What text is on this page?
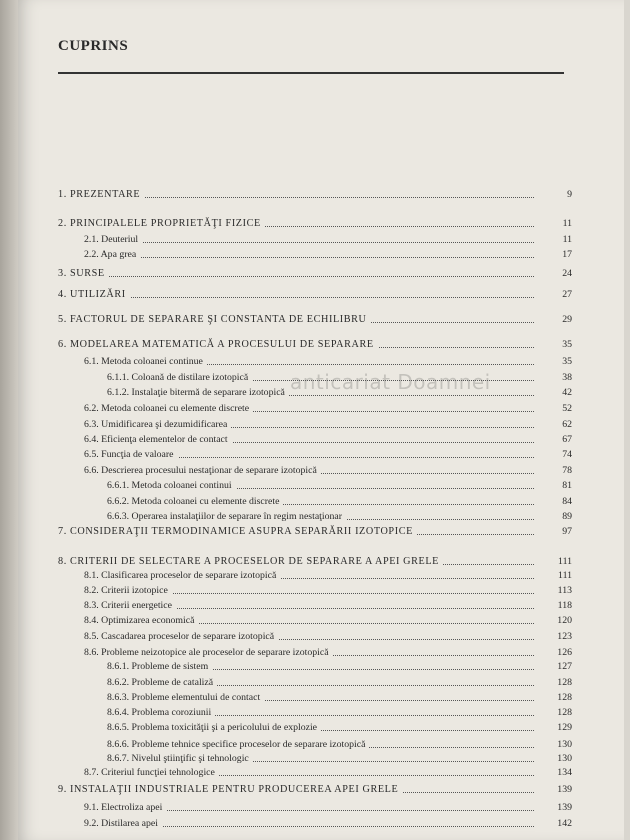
CUPRINS
anticariat Doamnei
1. PREZENTARE	9
2. PRINCIPALELE PROPRIETĂŢI FIZICE	11
2.1. Deuteriul	11
2.2. Apa grea	17
3. SURSE	24
4. UTILIZĂRI	27
5. FACTORUL DE SEPARARE ŞI CONSTANTA DE ECHILIBRU	29
6. MODELAREA MATEMATICĂ A PROCESULUI DE SEPARARE	35
6.1. Metoda coloanei continue	35
6.1.1. Coloană de distilare izotopică	38
6.1.2. Instalaţie bitermă de separare izotopică	42
6.2. Metoda coloanei cu elemente discrete	52
6.3. Umidificarea şi dezumidificarea	62
6.4. Eficienţa elementelor de contact	67
6.5. Funcţia de valoare	74
6.6. Descrierea procesului nestaţionar de separare izotopică	78
6.6.1. Metoda coloanei continui	81
6.6.2. Metoda coloanei cu elemente discrete	84
6.6.3. Operarea instalaţiilor de separare în regim nestaţionar	89
7. CONSIDERAŢII TERMODINAMICE ASUPRA SEPARĂRII IZOTOPICE	97
8. CRITERII DE SELECTARE A PROCESELOR DE SEPARARE A APEI GRELE	111
8.1. Clasificarea proceselor de separare izotopică	111
8.2. Criterii izotopice	113
8.3. Criterii energetice	118
8.4. Optimizarea economică	120
8.5. Cascadarea proceselor de separare izotopică	123
8.6. Probleme neizotopice ale proceselor de separare izotopică	126
8.6.1. Probleme de sistem	127
8.6.2. Probleme de cataliză	128
8.6.3. Probleme elementului de contact	128
8.6.4. Problema coroziunii	128
8.6.5. Problema toxicităţii şi a pericolului de explozie	129
8.6.6. Probleme tehnice specifice proceselor de separare izotopică	130
8.6.7. Nivelul ştiinţific şi tehnologic	130
8.7. Criteriul funcţiei tehnologice	134
9. INSTALAŢII INDUSTRIALE PENTRU PRODUCEREA APEI GRELE	139
9.1. Electroliza apei	139
9.2. Distilarea apei	142
